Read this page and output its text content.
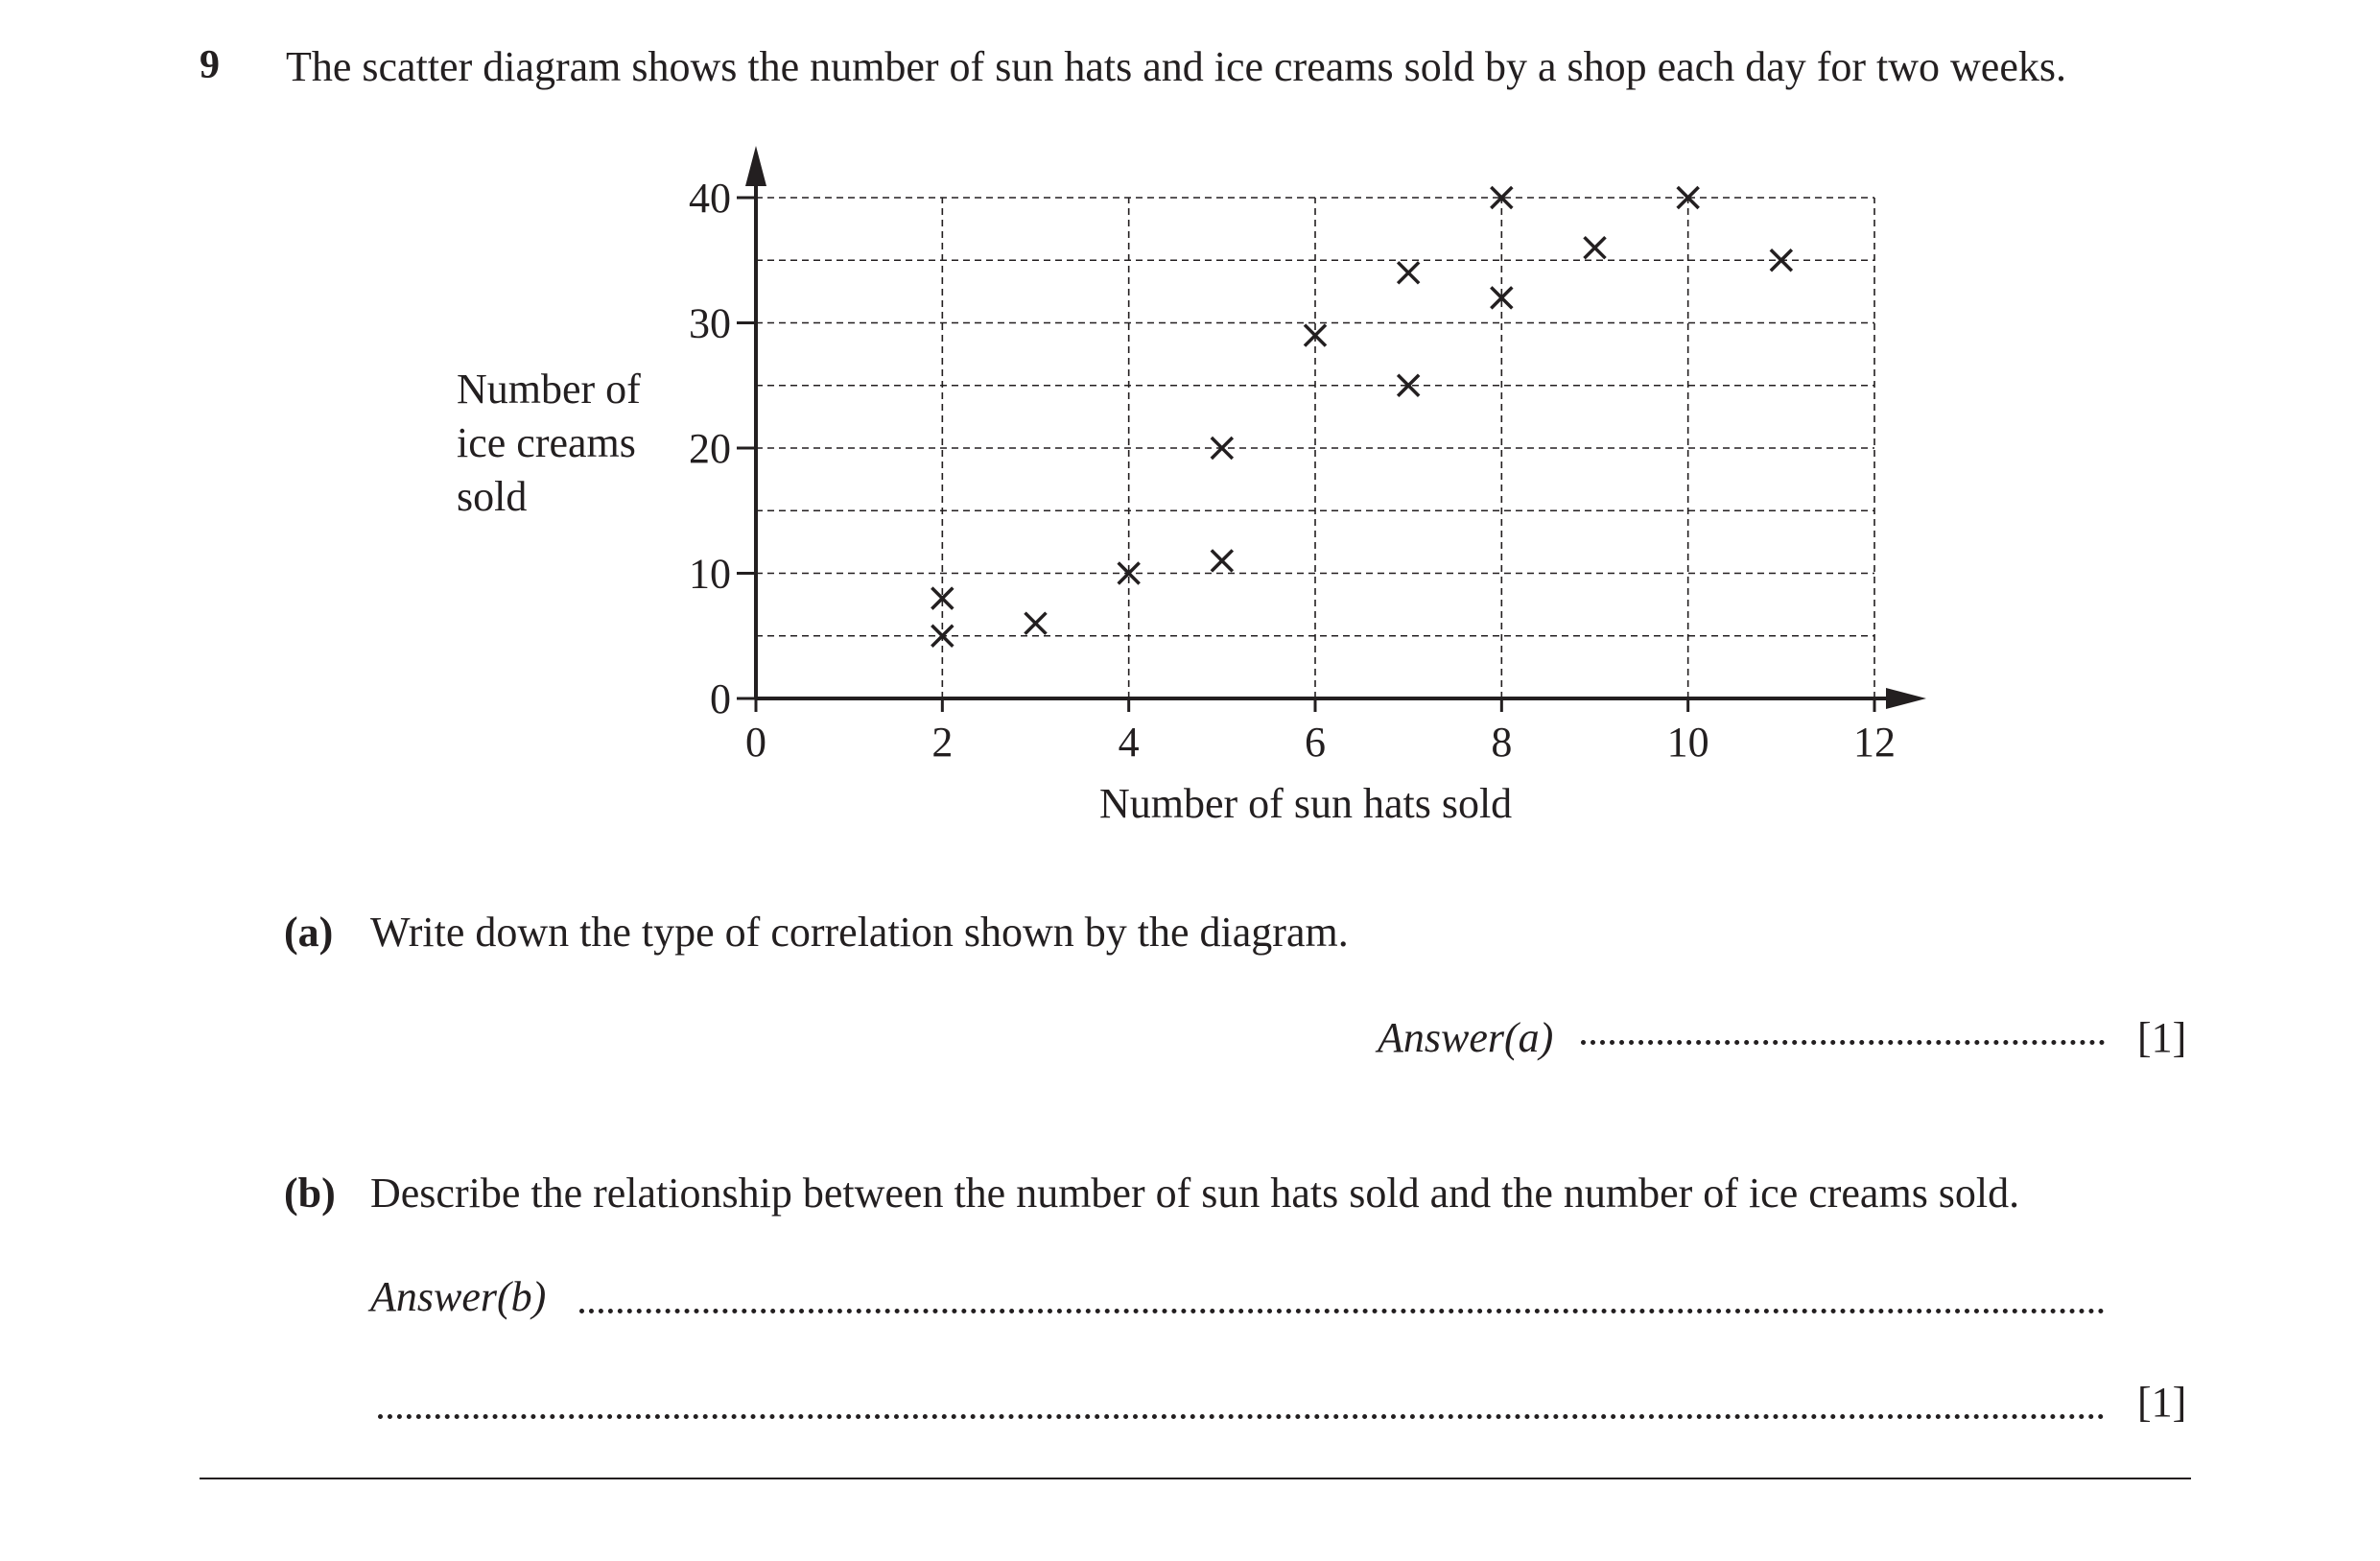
9 The scatter diagram shows the number of sun hats and ice creams sold by a shop each day for two weeks.
Number of
ice creams
sold
0	2	4	6	8	10	12
0
10
20
30
40
Number of sun hats sold
(a) Write down the type of correlation shown by the diagram.
Answer(a)	[1]
(b) Describe the relationship between the number of sun hats sold and the number of ice creams sold.
Answer(b)
[1]
